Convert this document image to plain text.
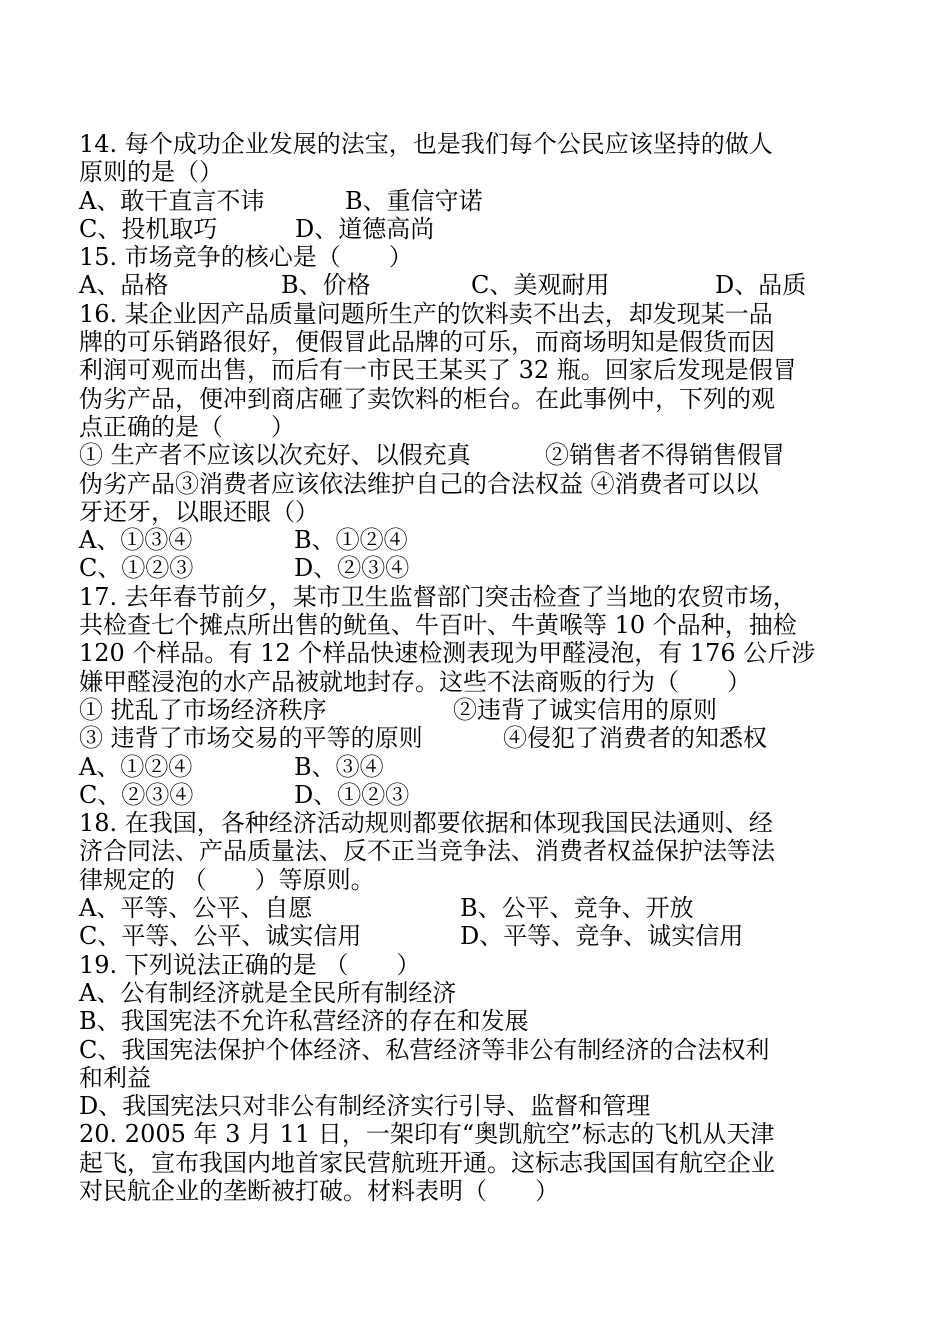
14. 每个成功企业发展的法宝，也是我们每个公民应该坚持的做人
原则的是（）
A、敢干直言不讳	B、重信守诺
C、投机取巧	D、道德高尚
15. 市场竞争的核心是（　　）
A、品格	B、价格	C、美观耐用	D、品质
16. 某企业因产品质量问题所生产的饮料卖不出去，却发现某一品
牌的可乐销路很好，便假冒此品牌的可乐，而商场明知是假货而因
利润可观而出售，而后有一市民王某买了 32 瓶。回家后发现是假冒
伪劣产品，便冲到商店砸了卖饮料的柜台。在此事例中，下列的观
点正确的是（　　）
① 生产者不应该以次充好、以假充真	②销售者不得销售假冒
伪劣产品③消费者应该依法维护自己的合法权益 ④消费者可以以
牙还牙，以眼还眼（）
A、①③④	B、①②④
C、①②③	D、②③④
17. 去年春节前夕，某市卫生监督部门突击检查了当地的农贸市场，
共检查七个摊点所出售的鱿鱼、牛百叶、牛黄喉等 10 个品种，抽检
120 个样品。有 12 个样品快速检测表现为甲醛浸泡，有 176 公斤涉
嫌甲醛浸泡的水产品被就地封存。这些不法商贩的行为（　　）
① 扰乱了市场经济秩序	②违背了诚实信用的原则
③ 违背了市场交易的平等的原则	④侵犯了消费者的知悉权
A、①②④	B、③④
C、②③④	D、①②③
18. 在我国，各种经济活动规则都要依据和体现我国民法通则、经
济合同法、产品质量法、反不正当竞争法、消费者权益保护法等法
律规定的 （　　）等原则。
A、平等、公平、自愿	B、公平、竞争、开放
C、平等、公平、诚实信用	D、平等、竞争、诚实信用
19. 下列说法正确的是 （　　）
A、公有制经济就是全民所有制经济
B、我国宪法不允许私营经济的存在和发展
C、我国宪法保护个体经济、私营经济等非公有制经济的合法权利
和利益
D、我国宪法只对非公有制经济实行引导、监督和管理
20. 2005 年 3 月 11 日，一架印有“奥凯航空”标志的飞机从天津
起飞，宣布我国内地首家民营航班开通。这标志我国国有航空企业
对民航企业的垄断被打破。材料表明（　　）
